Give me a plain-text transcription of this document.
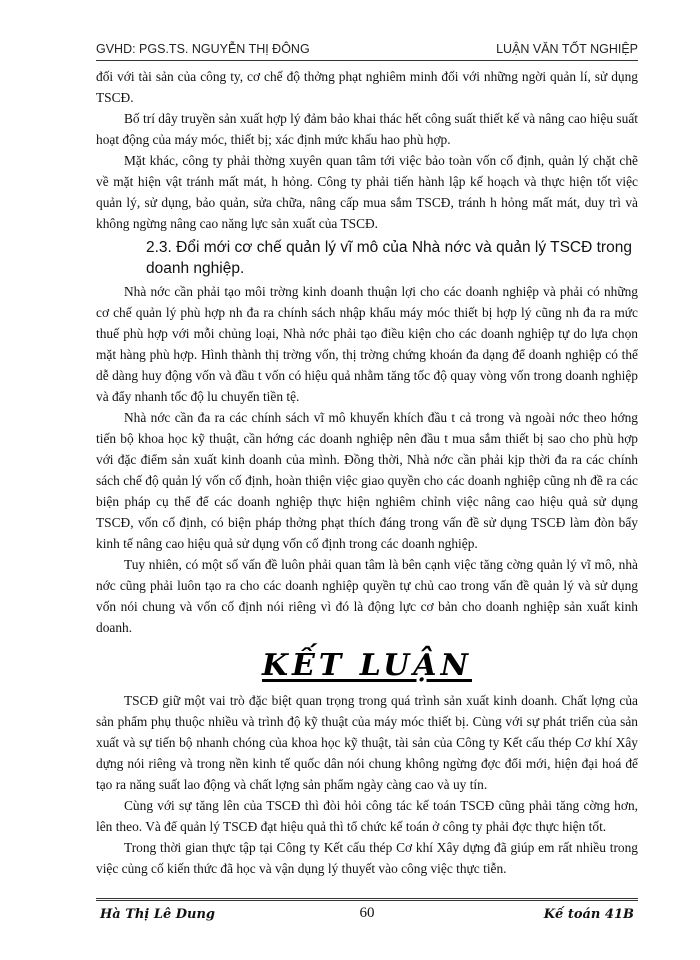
GVHD: PGS.TS. NGUYỄN THỊ ĐÔNG	LUẬN VĂN TỐT NGHIỆP

đối với tài sản của công ty, cơ chế độ thởng phạt nghiêm minh đối với những ngời quản lí, sử dụng TSCĐ.

Bố trí dây truyền sản xuất hợp lý đảm bảo khai thác hết công suất thiết kế và nâng cao hiệu suất hoạt động của máy móc, thiết bị; xác định mức khấu hao phù hợp.

Mặt khác, công ty phải thờng xuyên quan tâm tới việc bảo toàn vốn cố định, quản lý chặt chẽ về mặt hiện vật tránh mất mát, h hỏng. Công ty phải tiến hành lập kế hoạch và thực hiện tốt việc quản lý, sử dụng, bảo quản, sửa chữa, nâng cấp mua sắm TSCĐ, tránh h hỏng mất mát, duy trì và không ngừng nâng cao năng lực sản xuất của TSCĐ.

2.3. Đổi mới cơ chế quản lý vĩ mô của Nhà nớc và quản lý TSCĐ trong doanh nghiệp.

Nhà nớc cần phải tạo môi trờng kinh doanh thuận lợi cho các doanh nghiệp và phải có những cơ chế quản lý phù hợp nh đa ra chính sách nhập khẩu máy móc thiết bị hợp lý cũng nh đa ra mức thuế phù hợp với mỗi chủng loại, Nhà nớc phải tạo điều kiện cho các doanh nghiệp tự do lựa chọn mặt hàng phù hợp. Hình thành thị trờng vốn, thị trờng chứng khoán đa dạng để doanh nghiệp có thể dễ dàng huy động vốn và đầu t vốn có hiệu quả nhằm tăng tốc độ quay vòng vốn trong doanh nghiệp và đẩy nhanh tốc độ lu chuyển tiền tệ.

Nhà nớc cần đa ra các chính sách vĩ mô khuyến khích đầu t cả trong và ngoài nớc theo hớng tiến bộ khoa học kỹ thuật, cần hớng các doanh nghiệp nên đầu t mua sắm thiết bị sao cho phù hợp với đặc điểm sản xuất kinh doanh của mình. Đồng thời, Nhà nớc cần phải kịp thời đa ra các chính sách chế độ quản lý vốn cố định, hoàn thiện việc giao quyền cho các doanh nghiệp cũng nh đề ra các biện pháp cụ thể để các doanh nghiệp thực hiện nghiêm chỉnh việc nâng cao hiệu quả sử dụng TSCĐ, vốn cố định, có biện pháp thởng phạt thích đáng trong vấn đề sử dụng TSCĐ làm đòn bẩy kinh tế nâng cao hiệu quả sử dụng vốn cố định trong các doanh nghiệp.

Tuy nhiên, có một số vấn đề luôn phải quan tâm là bên cạnh việc tăng cờng quản lý vĩ mô, nhà nớc cũng phải luôn tạo ra cho các doanh nghiệp quyền tự chủ cao trong vấn đề quản lý và sử dụng vốn nói chung và vốn cố định nói riêng vì đó là động lực cơ bản cho doanh nghiệp sản xuất kinh doanh.

KẾT LUẬN

TSCĐ giữ một vai trò đặc biệt quan trọng trong quá trình sản xuất kinh doanh. Chất lợng của sản phẩm phụ thuộc nhiều và trình độ kỹ thuật của máy móc thiết bị. Cùng với sự phát triển của sản xuất và sự tiến bộ nhanh chóng của khoa học kỹ thuật, tài sản của Công ty Kết cấu thép Cơ khí Xây dựng nói riêng và trong nền kinh tế quốc dân nói chung không ngừng đợc đổi mới, hiện đại hoá để tạo ra năng suất lao động và chất lợng sản phẩm ngày càng cao và uy tín.

Cùng với sự tăng lên của TSCĐ thì đòi hỏi công tác kế toán TSCĐ cũng phải tăng cờng hơn, lên theo. Và để quản lý TSCĐ đạt hiệu quả thì tổ chức kế toán ở công ty phải đợc thực hiện tốt.

Trong thời gian thực tập tại Công ty Kết cấu thép Cơ khí Xây dựng đã giúp em rất nhiều trong việc củng cố kiến thức đã học và vận dụng lý thuyết vào công việc thực tiễn.

Hà Thị Lê Dung	60	Kế toán 41B
